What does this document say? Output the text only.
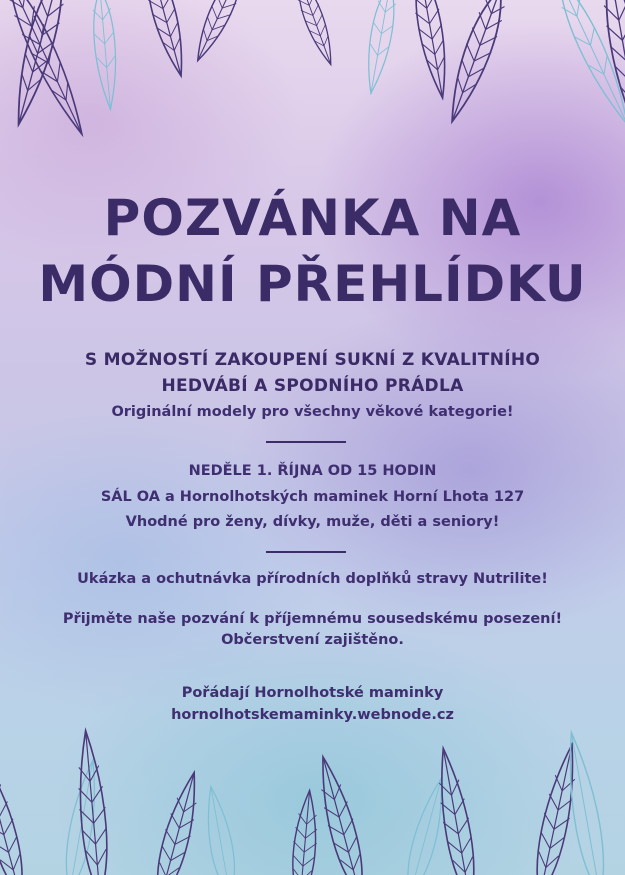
POZVÁNKA NA
MÓDNÍ PŘEHLÍDKU
S MOŽNOSTÍ ZAKOUPENÍ SUKNÍ Z KVALITNÍHO
HEDVÁBÍ A SPODNÍHO PRÁDLA
Originální modely pro všechny věkové kategorie!
NEDĚLE 1. ŘÍJNA OD 15 HODIN
SÁL OA a Hornolhotských maminek Horní Lhota 127
Vhodné pro ženy, dívky, muže, děti a seniory!
Ukázka a ochutnávka přírodních doplňků stravy Nutrilite!
Přijměte naše pozvání k příjemnému sousedskému posezení!
Občerstvení zajištěno.
Pořádají Hornolhotské maminky
hornolhotskemaminky.webnode.cz
